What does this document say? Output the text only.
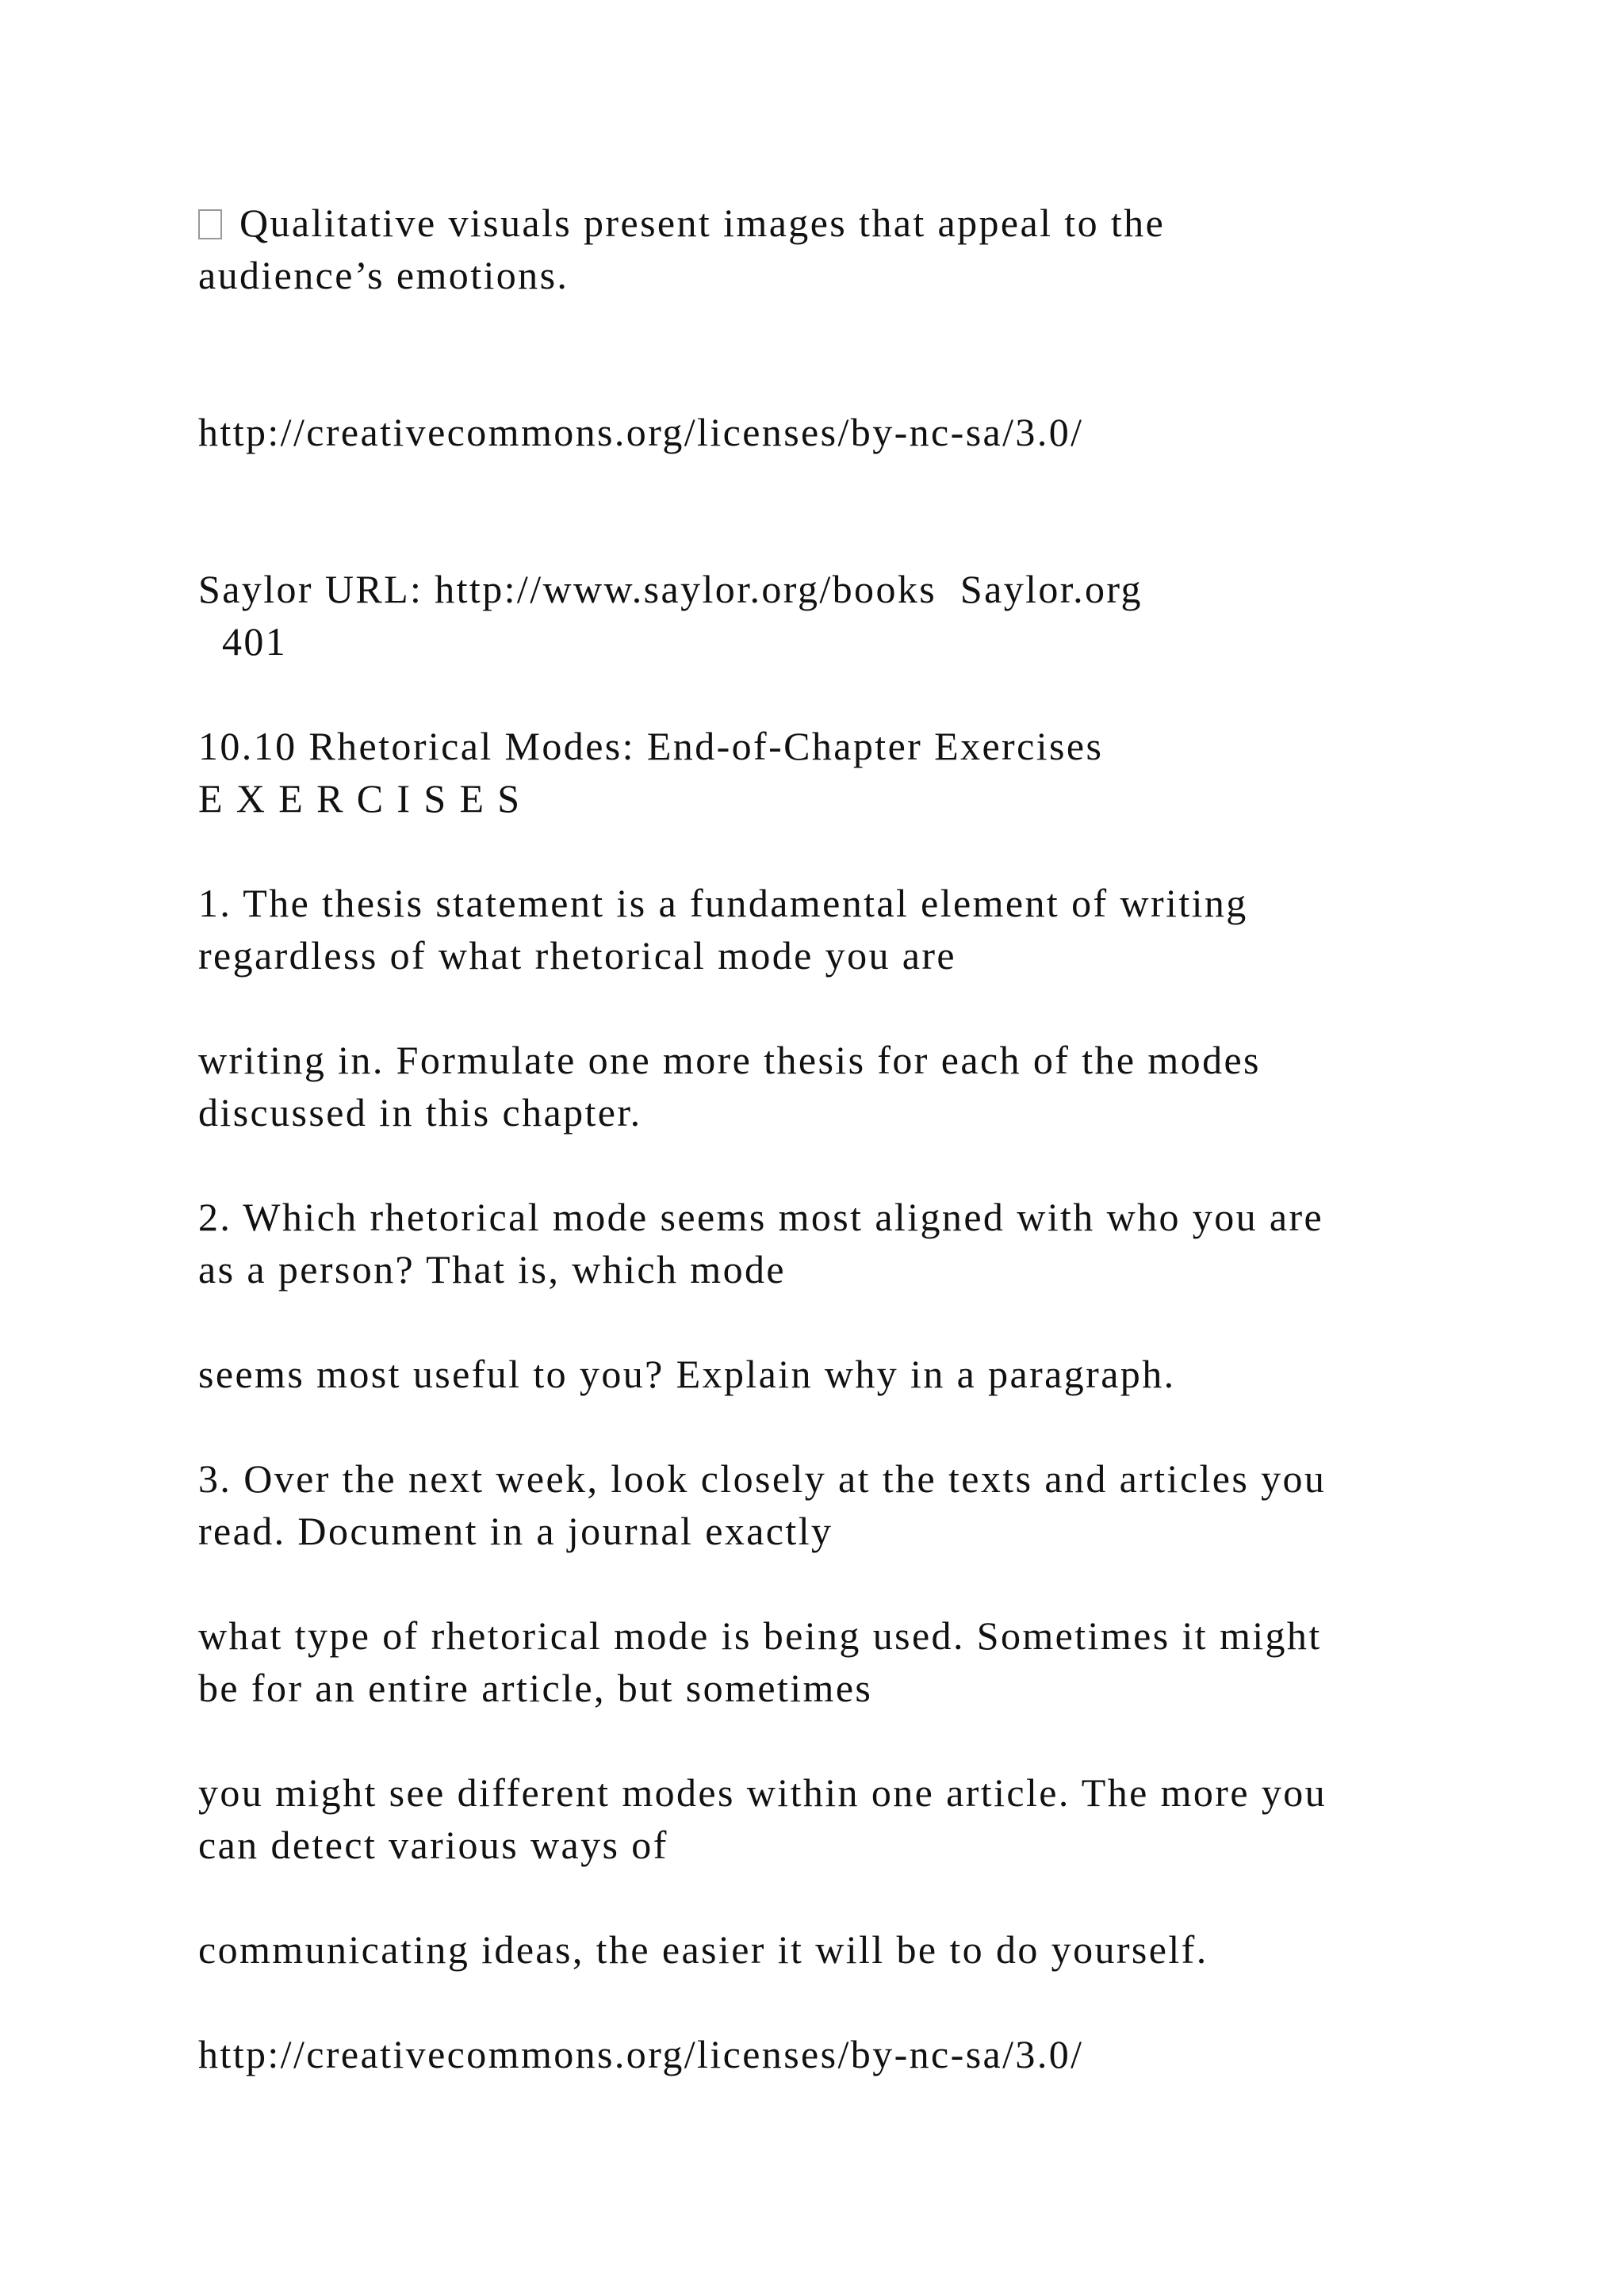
Qualitative visuals present images that appeal to the
audience’s emotions.
http://creativecommons.org/licenses/by-nc-sa/3.0/
Saylor URL: http://www.saylor.org/books  Saylor.org
401
10.10 Rhetorical Modes: End-of-Chapter Exercises
E X E R C I S E S
1. The thesis statement is a fundamental element of writing
regardless of what rhetorical mode you are
writing in. Formulate one more thesis for each of the modes
discussed in this chapter.
2. Which rhetorical mode seems most aligned with who you are
as a person? That is, which mode
seems most useful to you? Explain why in a paragraph.
3. Over the next week, look closely at the texts and articles you
read. Document in a journal exactly
what type of rhetorical mode is being used. Sometimes it might
be for an entire article, but sometimes
you might see different modes within one article. The more you
can detect various ways of
communicating ideas, the easier it will be to do yourself.
http://creativecommons.org/licenses/by-nc-sa/3.0/
